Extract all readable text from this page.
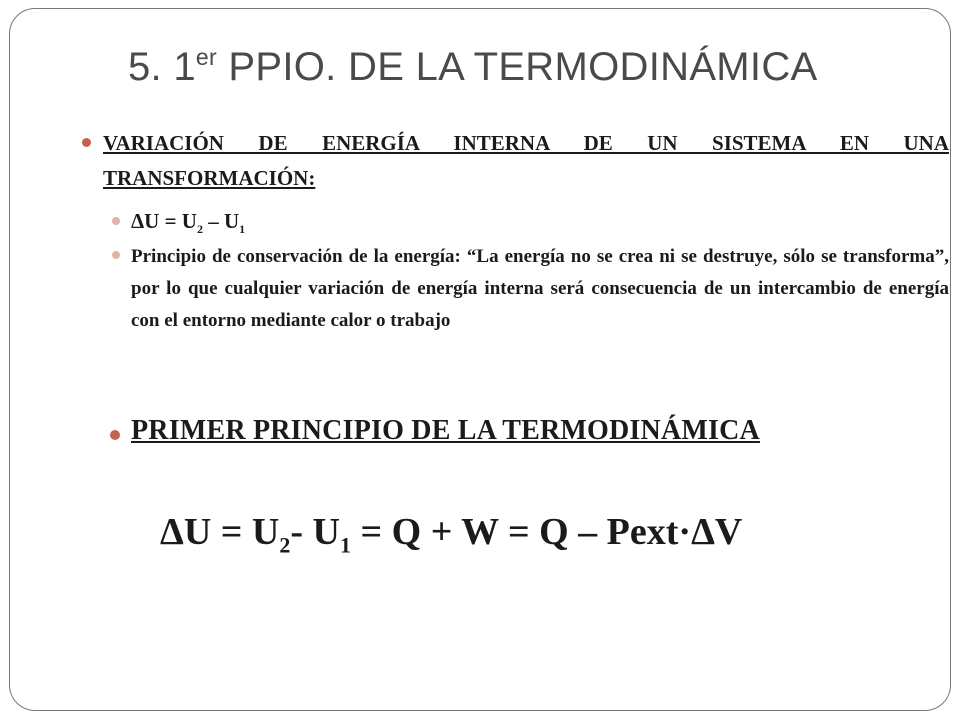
5. 1er PPIO. DE LA TERMODINÁMICA
VARIACIÓN DE ENERGÍA INTERNA DE UN SISTEMA EN UNA
TRANSFORMACIÓN:
$\Delta U = U_2 - U_1$
Principio de conservación de la energía: “La energía no se crea ni se destruye, sólo se transforma”, por lo que cualquier variación de energía interna será consecuencia de un intercambio de energía con el entorno mediante calor o trabajo
PRIMER PRINCIPIO DE LA TERMODINÁMICA
$\Delta U = U_2-$ $U_1 = Q + W = Q$ – Pext·ΔV
